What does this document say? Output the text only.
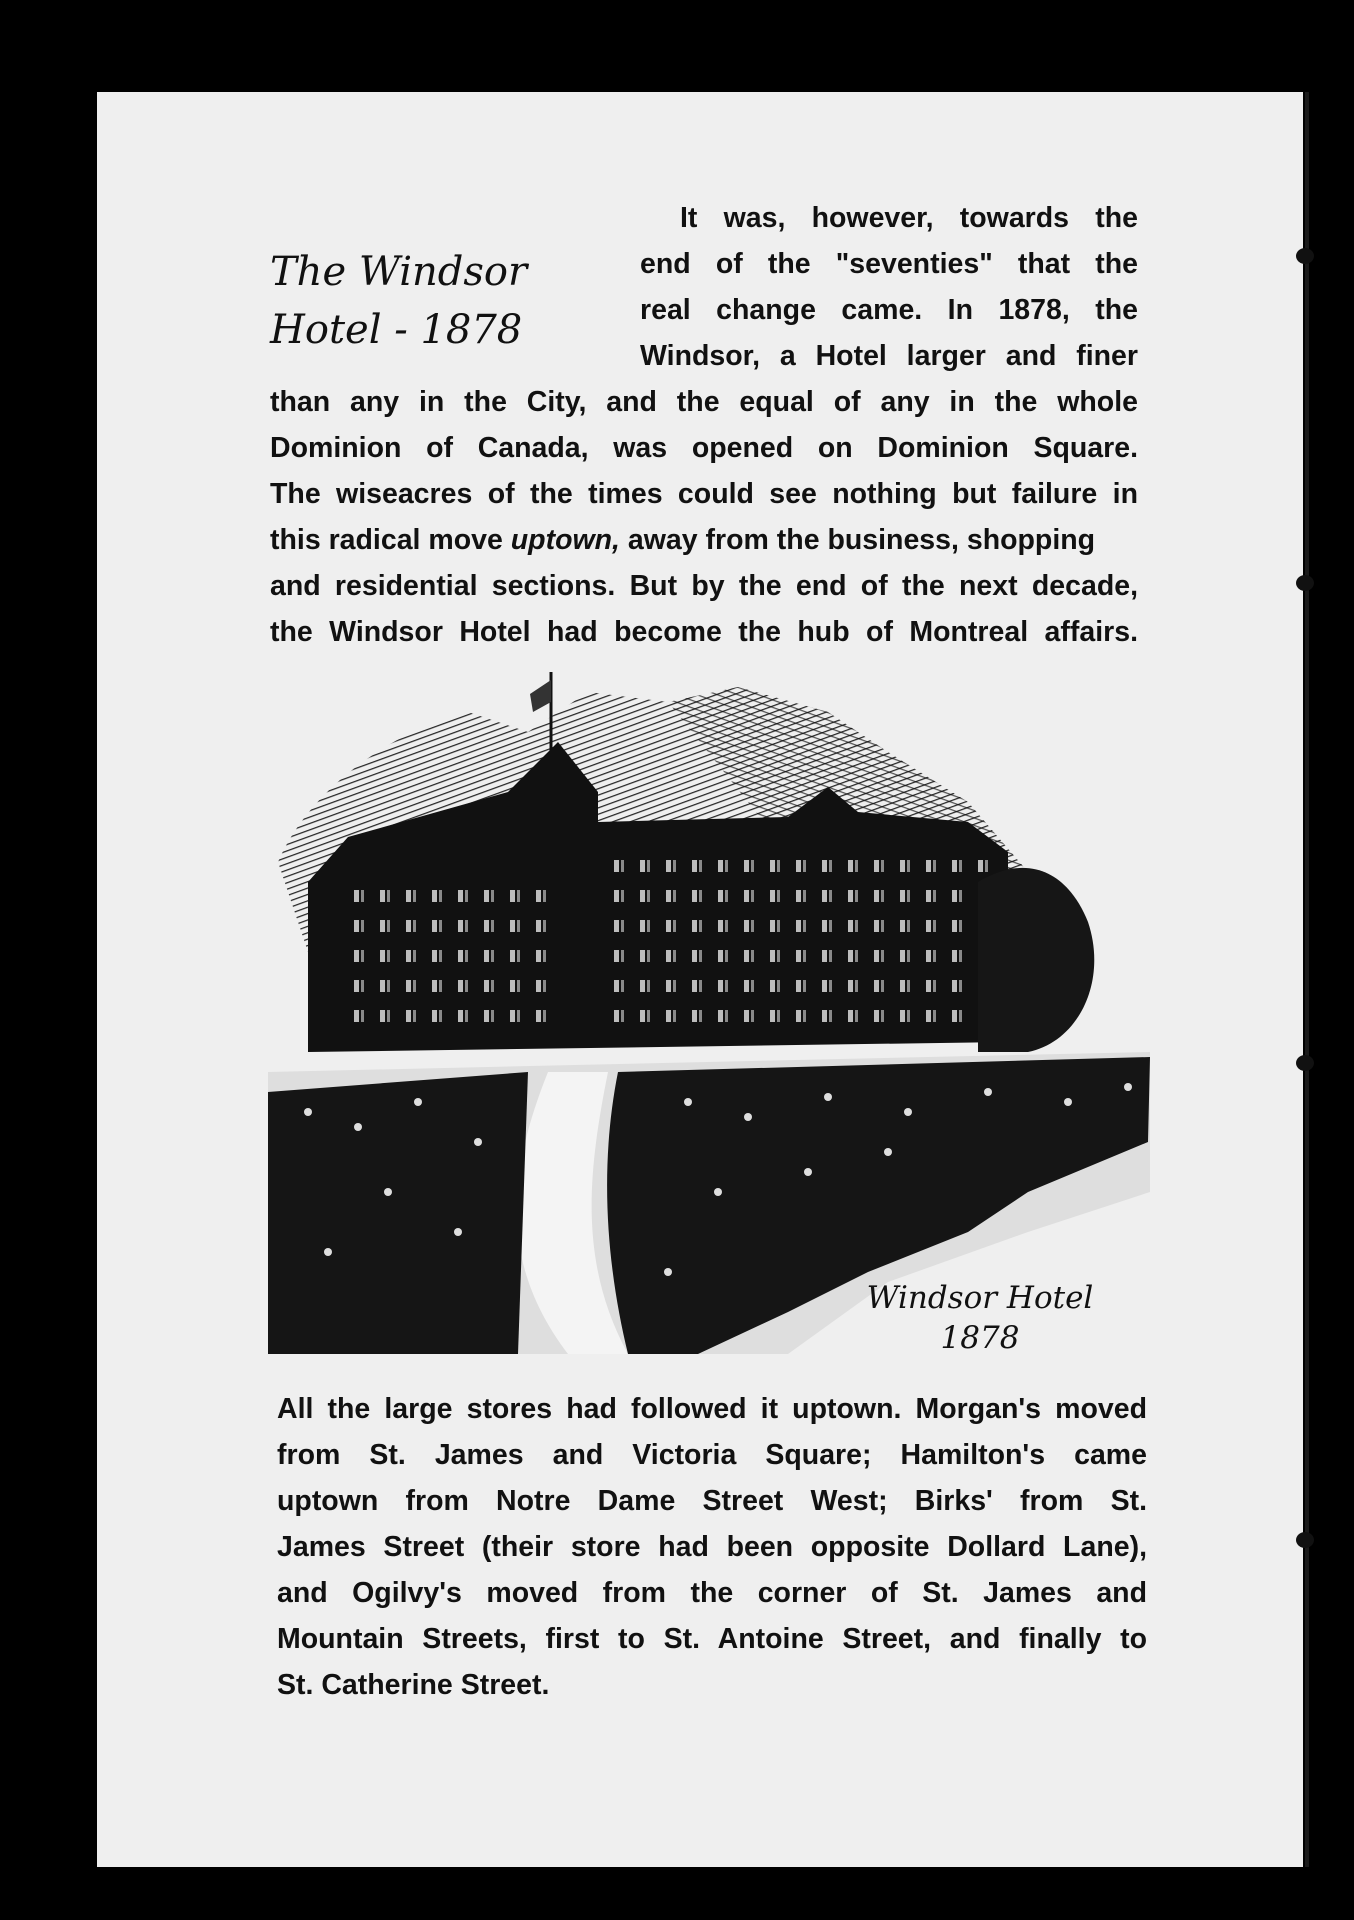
The Windsor
Hotel - 1878
It was, however, towards the
end of the "seventies" that the
real change came. In 1878, the
Windsor, a Hotel larger and finer
than any in the City, and the equal of any in the whole
Dominion of Canada, was opened on Dominion Square.
The wiseacres of the times could see nothing but failure in
this radical move uptown, away from the business, shopping
and residential sections. But by the end of the next decade,
the Windsor Hotel had become the hub of Montreal affairs.
Windsor Hotel
1878
All the large stores had followed it uptown. Morgan's moved
from St. James and Victoria Square; Hamilton's came
uptown from Notre Dame Street West; Birks' from St.
James Street (their store had been opposite Dollard Lane),
and Ogilvy's moved from the corner of St. James and
Mountain Streets, first to St. Antoine Street, and finally to
St. Catherine Street.
